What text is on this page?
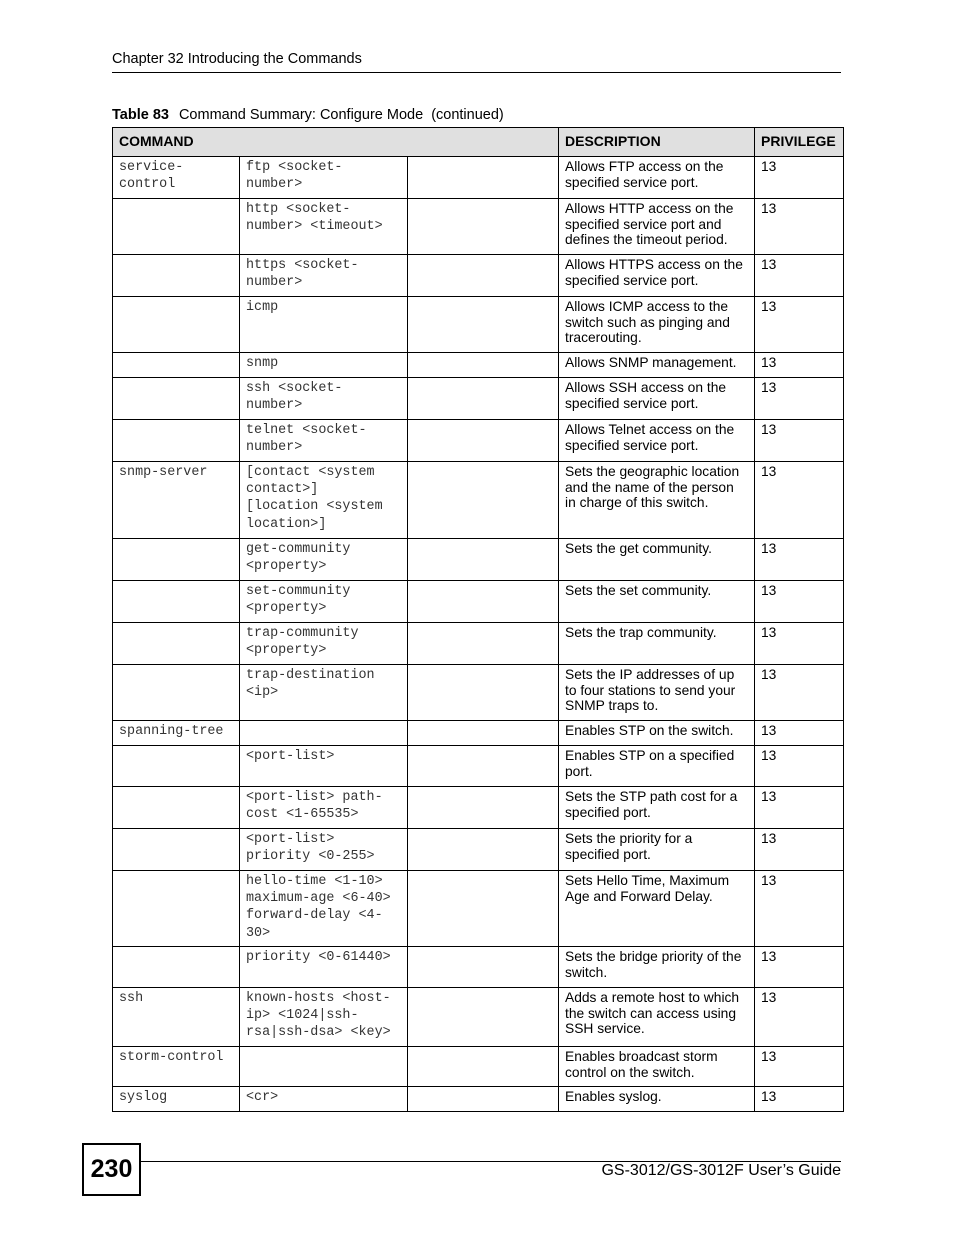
Chapter 32 Introducing the Commands
Table 83 Command Summary: Configure Mode  (continued)
COMMAND			DESCRIPTION	PRIVILEGE
service-
control	ftp <socket-
number>		Allows FTP access on the specified service port.	13
	http <socket-
number> <timeout>		Allows HTTP access on the specified service port and defines the timeout period.	13
	https <socket-
number>		Allows HTTPS access on the specified service port.	13
	icmp		Allows ICMP access to the switch such as pinging and tracerouting.	13
	snmp		Allows SNMP management.	13
	ssh <socket-
number>		Allows SSH access on the specified service port.	13
	telnet <socket-
number>		Allows Telnet access on the specified service port.	13
snmp-server	[contact <system
contact>]
[location <system
location>]		Sets the geographic location and the name of the person in charge of this switch.	13
	get-community
<property>		Sets the get community.	13
	set-community
<property>		Sets the set community.	13
	trap-community
<property>		Sets the trap community.	13
	trap-destination
<ip>		Sets the IP addresses of up to four stations to send your SNMP traps to.	13
spanning-tree			Enables STP on the switch.	13
	<port-list>		Enables STP on a specified port.	13
	<port-list> path-
cost <1-65535>		Sets the STP path cost for a specified port.	13
	<port-list>
priority <0-255>		Sets the priority for a specified port.	13
	hello-time <1-10>
maximum-age <6-40>
forward-delay <4-
30>		Sets Hello Time, Maximum Age and Forward Delay.	13
	priority <0-61440>		Sets the bridge priority of the switch.	13
ssh	known-hosts <host-
ip> <1024|ssh-
rsa|ssh-dsa> <key>		Adds a remote host to which the switch can access using SSH service.	13
storm-control			Enables broadcast storm control on the switch.	13
syslog	<cr>		Enables syslog.	13
230	GS-3012/GS-3012F User’s Guide
